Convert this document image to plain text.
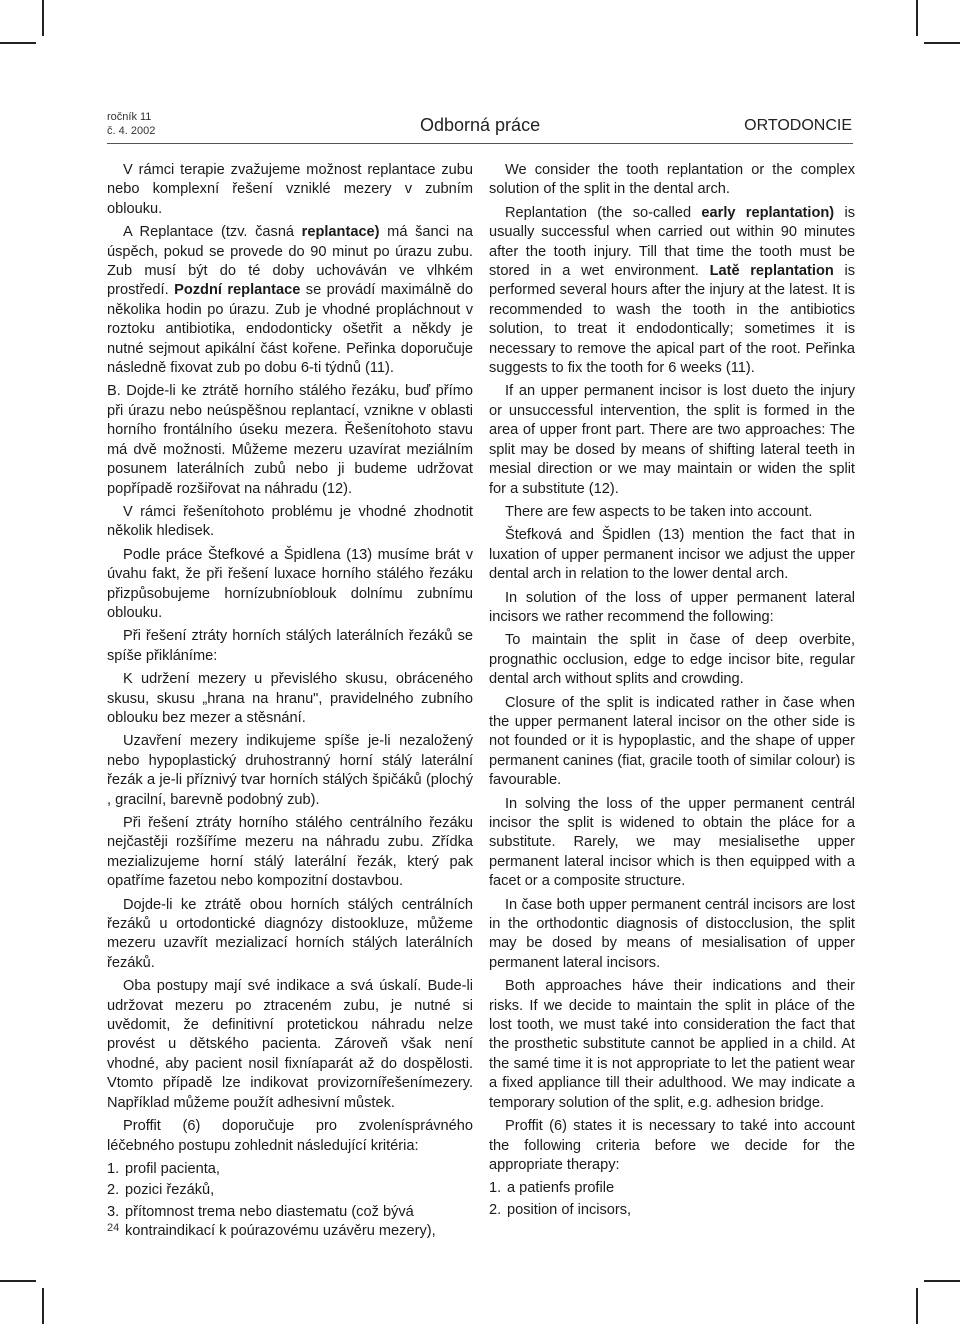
ročník 11
č. 4. 2002	Odborná práce	ORTODONCIE

V rámci terapie zvažujeme možnost replantace zubu nebo komplexní řešení vzniklé mezery v zubním oblouku.

A Replantace (tzv. časná replantace) má šanci na úspěch, pokud se provede do 90 minut po úrazu zubu. Zub musí být do té doby uchováván ve vlhkém prostředí. Pozdní replantace se provádí maximálně do několika hodin po úrazu. Zub je vhodné propláchnout v roztoku antibiotika, endodonticky ošetřit a někdy je nutné sejmout apikální část kořene. Peřinka doporučuje následně fixovat zub po dobu 6-ti týdnů (11).

B. Dojde-li ke ztrátě horního stálého řezáku, buď přímo při úrazu nebo neúspěšnou replantací, vznikne v oblasti horního frontálního úseku mezera. Řešenítohoto stavu má dvě možnosti. Můžeme mezeru uzavírat meziálním posunem laterálních zubů nebo ji budeme udržovat popřípadě rozšiřovat na náhradu (12).

V rámci řešenítohoto problému je vhodné zhodnotit několik hledisek.

Podle práce Štefkové a Špidlena (13) musíme brát v úvahu fakt, že při řešení luxace horního stálého řezáku přizpůsobujeme hornízubníoblouk dolnímu zubnímu oblouku.

Při řešení ztráty horních stálých laterálních řezáků se spíše přikláníme:

K udržení mezery u převislého skusu, obráceného skusu, skusu „hrana na hranu", pravidelného zubního oblouku bez mezer a stěsnání.

Uzavření mezery indikujeme spíše je-li nezaložený nebo hypoplastický druhostranný horní stálý laterální řezák a je-li příznivý tvar horních stálých špičáků (plochý , gracilní, barevně podobný zub).

Při řešení ztráty horního stálého centrálního řezáku nejčastěji rozšíříme mezeru na náhradu zubu. Zřídka mezializujeme horní stálý laterální řezák, který pak opatříme fazetou nebo kompozitní dostavbou.

Dojde-li ke ztrátě obou horních stálých centrálních řezáků u ortodontické diagnózy distookluze, můžeme mezeru uzavřít mezializací horních stálých laterálních řezáků.

Oba postupy mají své indikace a svá úskalí. Bude-li udržovat mezeru po ztraceném zubu, je nutné si uvědomit, že definitivní protetickou náhradu nelze provést u dětského pacienta. Zároveň však není vhodné, aby pacient nosil fixníaparát až do dospělosti. Vtomto případě lze indikovat provizornířešenímezery. Například můžeme použít adhesivní můstek.

Proffit (6) doporučuje pro zvolenísprávného léčebného postupu zohlednit následující kritéria:

1. profil pacienta,
2. pozici řezáků,
3. přítomnost trema nebo diastematu (což bývá kontraindikací k poúrazovému uzávěru mezery),

We consider the tooth replantation or the complex solution of the split in the dental arch.

Replantation (the so-called early replantation) is usually successful when carried out within 90 minutes after the tooth injury. Till that time the tooth must be stored in a wet environment. Latě replantation is performed several hours after the injury at the latest. It is recommended to wash the tooth in the antibiotics solution, to treat it endodontically; sometimes it is necessary to remove the apical part of the root. Peřinka suggests to fix the tooth for 6 weeks (11).

If an upper permanent incisor is lost dueto the injury or unsuccessful intervention, the split is formed in the area of upper front part. There are two approaches: The split may be dosed by means of shifting lateral teeth in mesial direction or we may maintain or widen the split for a substitute (12).

There are few aspects to be taken into account.

Štefková and Špidlen (13) mention the fact that in luxation of upper permanent incisor we adjust the upper dental arch in relation to the lower dental arch.

In solution of the loss of upper permanent lateral incisors we rather recommend the following:

To maintain the split in čase of deep overbite, prognathic occlusion, edge to edge incisor bite, regular dental arch without splits and crowding.

Closure of the split is indicated rather in čase when the upper permanent lateral incisor on the other side is not founded or it is hypoplastic, and the shape of upper permanent canines (fiat, gracile tooth of similar colour) is favourable.

In solving the loss of the upper permanent centrál incisor the split is widened to obtain the pláce for a substitute. Rarely, we may mesialisethe upper permanent lateral incisor which is then equipped with a facet or a composite structure.

In čase both upper permanent centrál incisors are lost in the orthodontic diagnosis of distocclusion, the split may be dosed by means of mesialisation of upper permanent lateral incisors.

Both approaches háve their indications and their risks. If we decide to maintain the split in pláce of the lost tooth, we must také into consideration the fact that the prosthetic substitute cannot be applied in a child. At the samé time it is not appropriate to let the patient wear a fixed appliance till their adulthood. We may indicate a temporary solution of the split, e.g. adhesion bridge.

Proffit (6) states it is necessary to také into account the following criteria before we decide for the appropriate therapy:

1. a patienfs profile
2. position of incisors,
24
